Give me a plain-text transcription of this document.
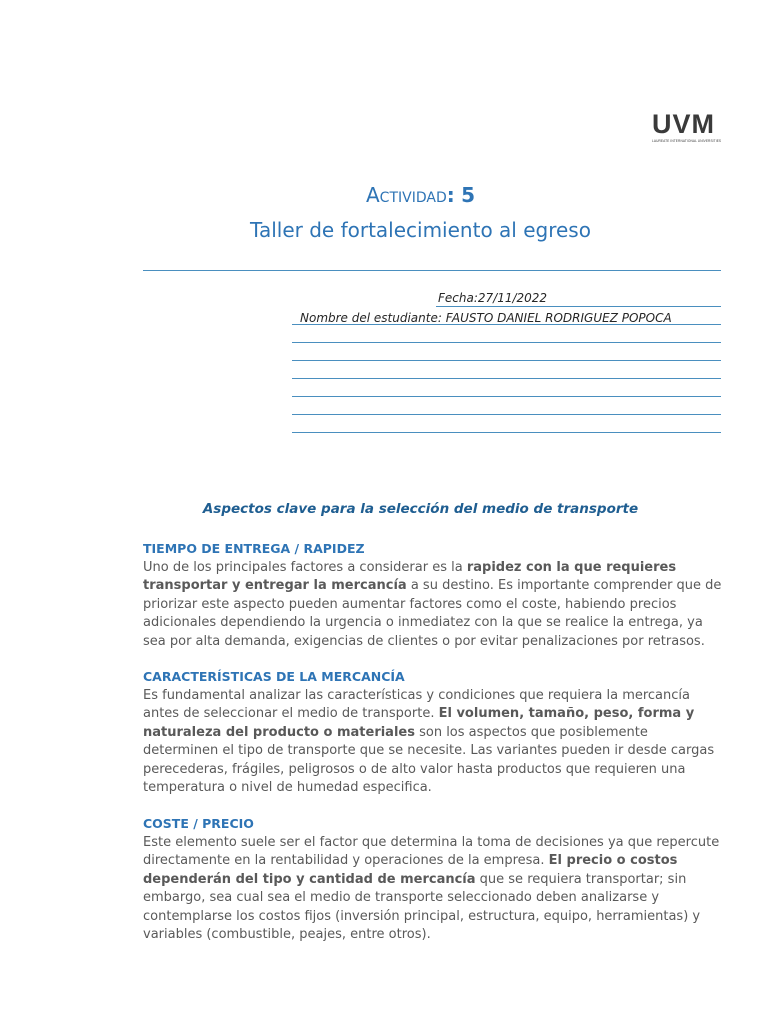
UVM
LAUREATE INTERNATIONAL UNIVERSITIES
Actividad: 5
Taller de fortalecimiento al egreso
Fecha:27/11/2022
Nombre del estudiante: FAUSTO DANIEL RODRIGUEZ POPOCA
Aspectos clave para la selección del medio de transporte
TIEMPO DE ENTREGA / RAPIDEZ

Uno de los principales factores a considerar es la rapidez con la que requieres transportar y entregar la mercancía a su destino. Es importante comprender que de priorizar este aspecto pueden aumentar factores como el coste, habiendo precios adicionales dependiendo la urgencia o inmediatez con la que se realice la entrega, ya sea por alta demanda, exigencias de clientes o por evitar penalizaciones por retrasos.

CARACTERÍSTICAS DE LA MERCANCÍA

Es fundamental analizar las características y condiciones que requiera la mercancía antes de seleccionar el medio de transporte. El volumen, tamaño, peso, forma y naturaleza del producto o materiales son los aspectos que posiblemente determinen el tipo de transporte que se necesite. Las variantes pueden ir desde cargas perecederas, frágiles, peligrosos o de alto valor hasta productos que requieren una temperatura o nivel de humedad especifica.

COSTE / PRECIO

Este elemento suele ser el factor que determina la toma de decisiones ya que repercute directamente en la rentabilidad y operaciones de la empresa. El precio o costos dependerán del tipo y cantidad de mercancía que se requiera transportar; sin embargo, sea cual sea el medio de transporte seleccionado deben analizarse y contemplarse los costos fijos (inversión principal, estructura, equipo, herramientas) y variables (combustible, peajes, entre otros).
